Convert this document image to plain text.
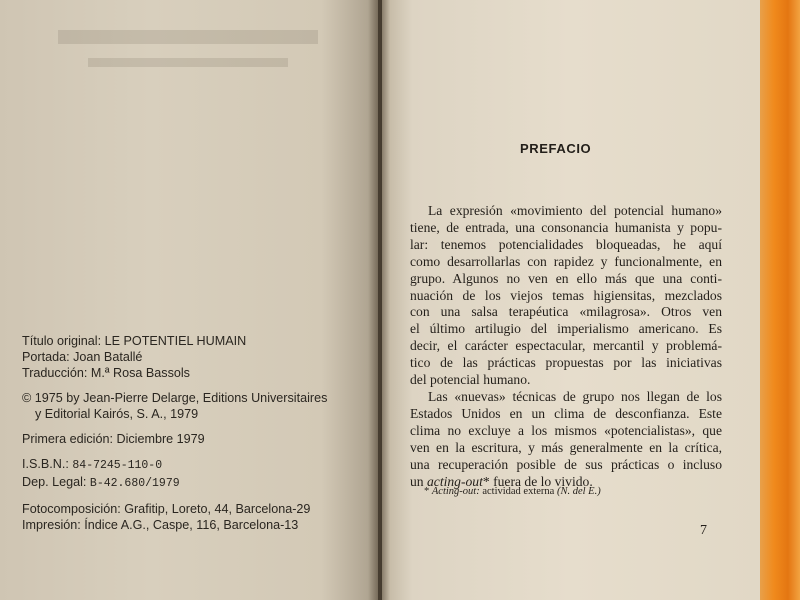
Título original: LE POTENTIEL HUMAIN
Portada: Joan Batallé
Traducción: M.ª Rosa Bassols
© 1975 by Jean-Pierre Delarge, Editions Universitaires
y Editorial Kairós, S. A., 1979
Primera edición: Diciembre 1979
I.S.B.N.: 84-7245-110-0
Dep. Legal: B-42.680/1979
Fotocomposición: Grafitip, Loreto, 44, Barcelona-29
Impresión: Índice A.G., Caspe, 116, Barcelona-13
PREFACIO
La expresión «movimiento del potencial humano»
tiene, de entrada, una consonancia humanista y popu-
lar: tenemos potencialidades bloqueadas, he aquí
como desarrollarlas con rapidez y funcionalmente, en
grupo. Algunos no ven en ello más que una conti-
nuación de los viejos temas higiensitas, mezclados
con una salsa terapéutica «milagrosa». Otros ven
el último artilugio del imperialismo americano. Es
decir, el carácter espectacular, mercantil y problemá-
tico de las prácticas propuestas por las iniciativas
del potencial humano.
Las «nuevas» técnicas de grupo nos llegan de los
Estados Unidos en un clima de desconfianza. Este
clima no excluye a los mismos «potencialistas», que
ven en la escritura, y más generalmente en la crítica,
una recuperación posible de sus prácticas o incluso
un acting-out* fuera de lo vivido.
* Acting-out: actividad externa (N. del E.)
7
